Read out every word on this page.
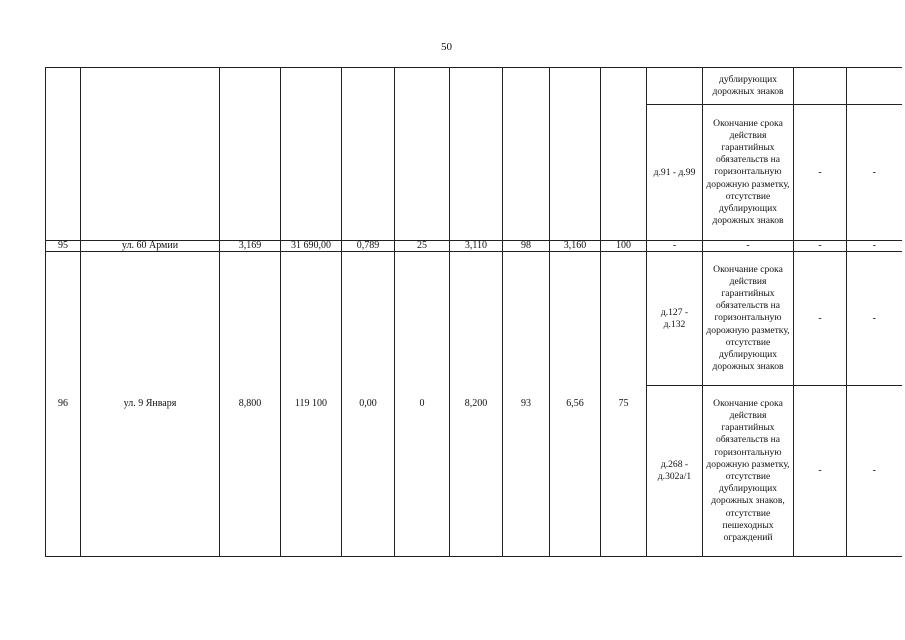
50
											дублирующих дорожных знаков		
										д.91 - д.99	Окончание срока действия гарантийных обязательств на горизонтальную дорожную разметку, отсутствие дублирующих дорожных знаков	-	-
95	ул. 60 Армии	3,169	31 690,00	0,789	25	3,110	98	3,160	100	-	-	-	-
96	ул. 9 Января	8,800	119 100	0,00	0	8,200	93	6,56	75	д.127 - д.132	Окончание срока действия гарантийных обязательств на горизонтальную дорожную разметку, отсутствие дублирующих дорожных знаков	-	-
										д.268 - д.302а/1	Окончание срока действия гарантийных обязательств на горизонтальную дорожную разметку, отсутствие дублирующих дорожных знаков, отсутствие пешеходных ограждений	-	-
